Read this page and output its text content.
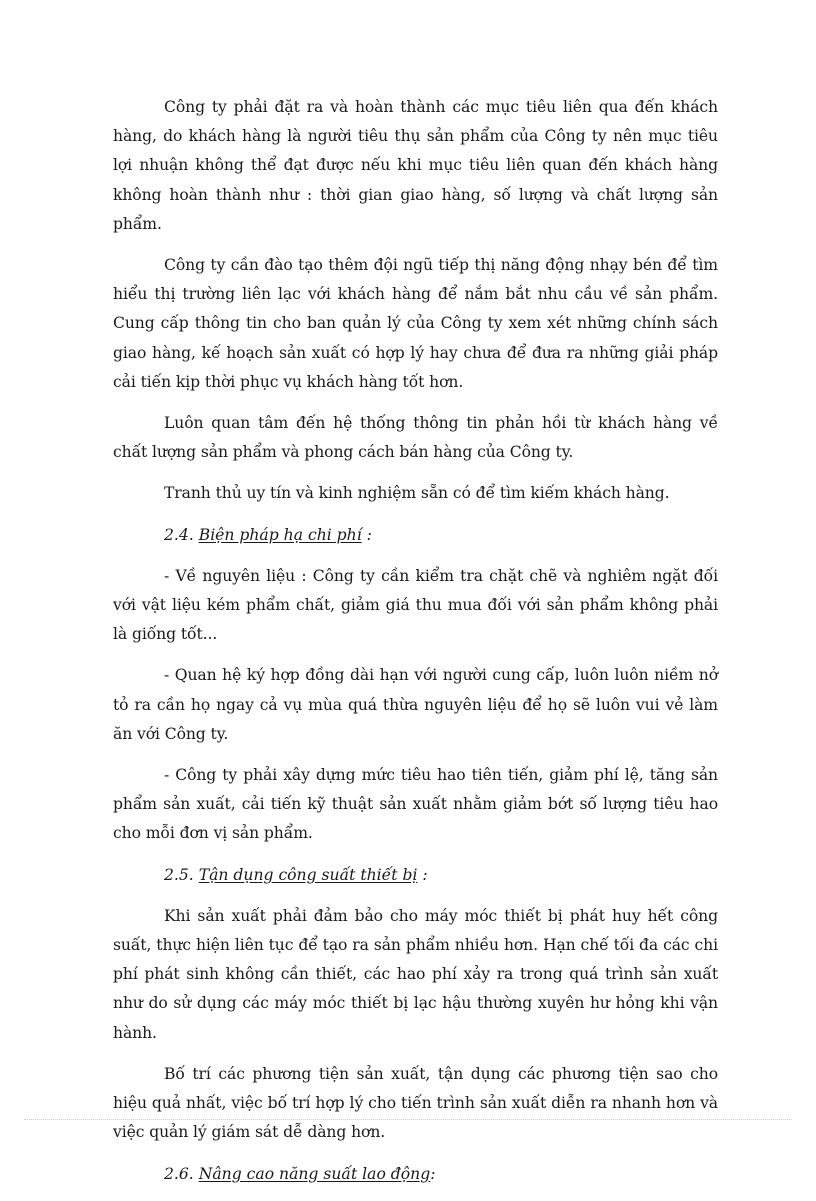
Công ty phải đặt ra và hoàn thành các mục tiêu liên qua đến khách hàng, do khách hàng là người tiêu thụ sản phẩm của Công ty nên mục tiêu lợi nhuận không thể đạt được nếu khi mục tiêu liên quan đến khách hàng không hoàn thành như : thời gian giao hàng, số lượng và chất lượng sản phẩm.

Công ty cần đào tạo thêm đội ngũ tiếp thị năng động nhạy bén để tìm hiểu thị trường liên lạc với khách hàng để nắm bắt nhu cầu về sản phẩm. Cung cấp thông tin cho ban quản lý của Công ty xem xét những chính sách giao hàng, kế hoạch sản xuất có hợp lý hay chưa để đưa ra những giải pháp cải tiến kịp thời phục vụ khách hàng tốt hơn.

Luôn quan tâm đến hệ thống thông tin phản hồi từ khách hàng về chất lượng sản phẩm và phong cách bán hàng của Công ty.

Tranh thủ uy tín và kinh nghiệm sẵn có để tìm kiếm khách hàng.

2.4. Biện pháp hạ chi phí :

- Về nguyên liệu : Công ty cần kiểm tra chặt chẽ và nghiêm ngặt đối với vật liệu kém phẩm chất, giảm giá thu mua đối với sản phẩm không phải là giống tốt...

- Quan hệ ký hợp đồng dài hạn với người cung cấp, luôn luôn niềm nở tỏ ra cần họ ngay cả vụ mùa quá thừa nguyên liệu để họ sẽ luôn vui vẻ làm ăn với Công ty.

- Công ty phải xây dựng mức tiêu hao tiên tiến, giảm phí lệ, tăng sản phẩm sản xuất, cải tiến kỹ thuật sản xuất nhằm giảm bớt số lượng tiêu hao cho mỗi đơn vị sản phẩm.

2.5. Tận dụng công suất thiết bị :

Khi sản xuất phải đảm bảo cho máy móc thiết bị phát huy hết công suất, thực hiện liên tục để tạo ra sản phẩm nhiều hơn. Hạn chế tối đa các chi phí phát sinh không cần thiết, các hao phí xảy ra trong quá trình sản xuất như do sử dụng các máy móc thiết bị lạc hậu thường xuyên hư hỏng khi vận hành.

Bố trí các phương tiện sản xuất, tận dụng các phương tiện sao cho hiệu quả nhất, việc bố trí hợp lý cho tiến trình sản xuất diễn ra nhanh hơn và việc quản lý giám sát dễ dàng hơn.

2.6. Nâng cao năng suất lao động:
